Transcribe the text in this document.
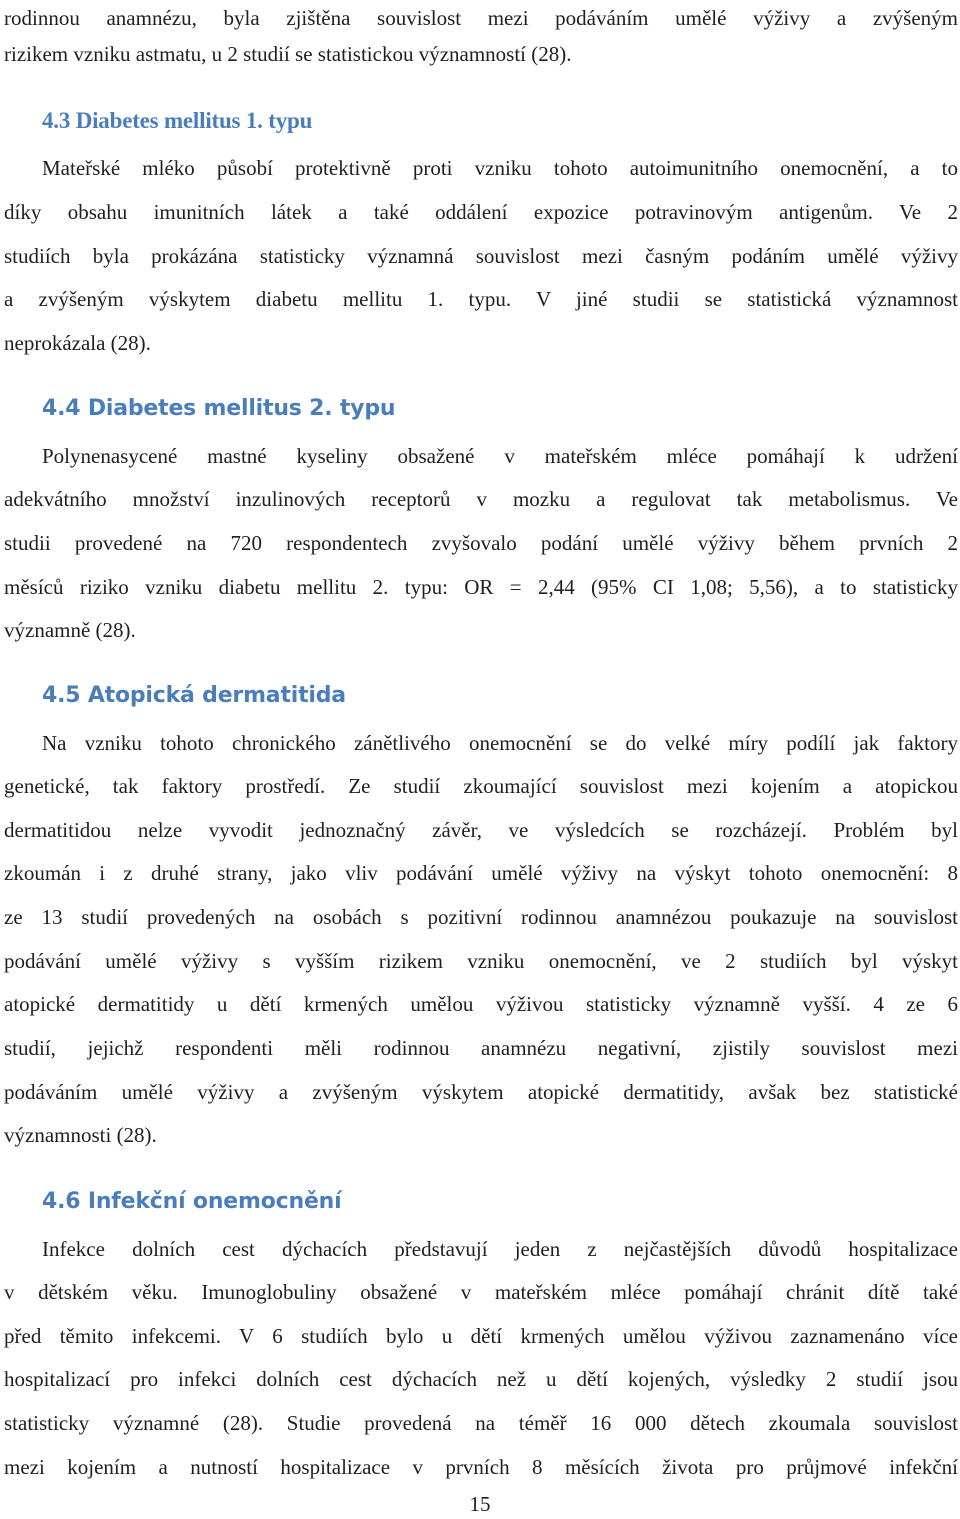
rodinnou anamnézu, byla zjištěna souvislost mezi podáváním umělé výživy a zvýšeným
rizikem vzniku astmatu, u 2 studií se statistickou významností (28).
4.3 Diabetes mellitus 1. typu
Mateřské mléko působí protektivně proti vzniku tohoto autoimunitního onemocnění, a to
díky obsahu imunitních látek a také oddálení expozice potravinovým antigenům. Ve 2
studiích byla prokázána statisticky významná souvislost mezi časným podáním umělé výživy
a zvýšeným výskytem diabetu mellitu 1. typu. V jiné studii se statistická významnost
neprokázala (28).
4.4 Diabetes mellitus 2. typu
Polynenasycené mastné kyseliny obsažené v mateřském mléce pomáhají k udržení
adekvátního množství inzulinových receptorů v mozku a regulovat tak metabolismus. Ve
studii provedené na 720 respondentech zvyšovalo podání umělé výživy během prvních 2
měsíců riziko vzniku diabetu mellitu 2. typu: OR = 2,44 (95% CI 1,08; 5,56), a to statisticky
významně (28).
4.5 Atopická dermatitida
Na vzniku tohoto chronického zánětlivého onemocnění se do velké míry podílí jak faktory
genetické, tak faktory prostředí. Ze studií zkoumající souvislost mezi kojením a atopickou
dermatitidou nelze vyvodit jednoznačný závěr, ve výsledcích se rozcházejí. Problém byl
zkoumán i z druhé strany, jako vliv podávání umělé výživy na výskyt tohoto onemocnění: 8
ze 13 studií provedených na osobách s pozitivní rodinnou anamnézou poukazuje na souvislost
podávání umělé výživy s vyšším rizikem vzniku onemocnění, ve 2 studiích byl výskyt
atopické dermatitidy u dětí krmených umělou výživou statisticky významně vyšší. 4 ze 6
studií, jejichž respondenti měli rodinnou anamnézu negativní, zjistily souvislost mezi
podáváním umělé výživy a zvýšeným výskytem atopické dermatitidy, avšak bez statistické
významnosti (28).
4.6 Infekční onemocnění
Infekce dolních cest dýchacích představují jeden z nejčastějších důvodů hospitalizace
v dětském věku. Imunoglobuliny obsažené v mateřském mléce pomáhají chránit dítě také
před těmito infekcemi. V 6 studiích bylo u dětí krmených umělou výživou zaznamenáno více
hospitalizací pro infekci dolních cest dýchacích než u dětí kojených, výsledky 2 studií jsou
statisticky významné (28). Studie provedená na téměř 16 000 dětech zkoumala souvislost
mezi kojením a nutností hospitalizace v prvních 8 měsících života pro průjmové infekční
15
